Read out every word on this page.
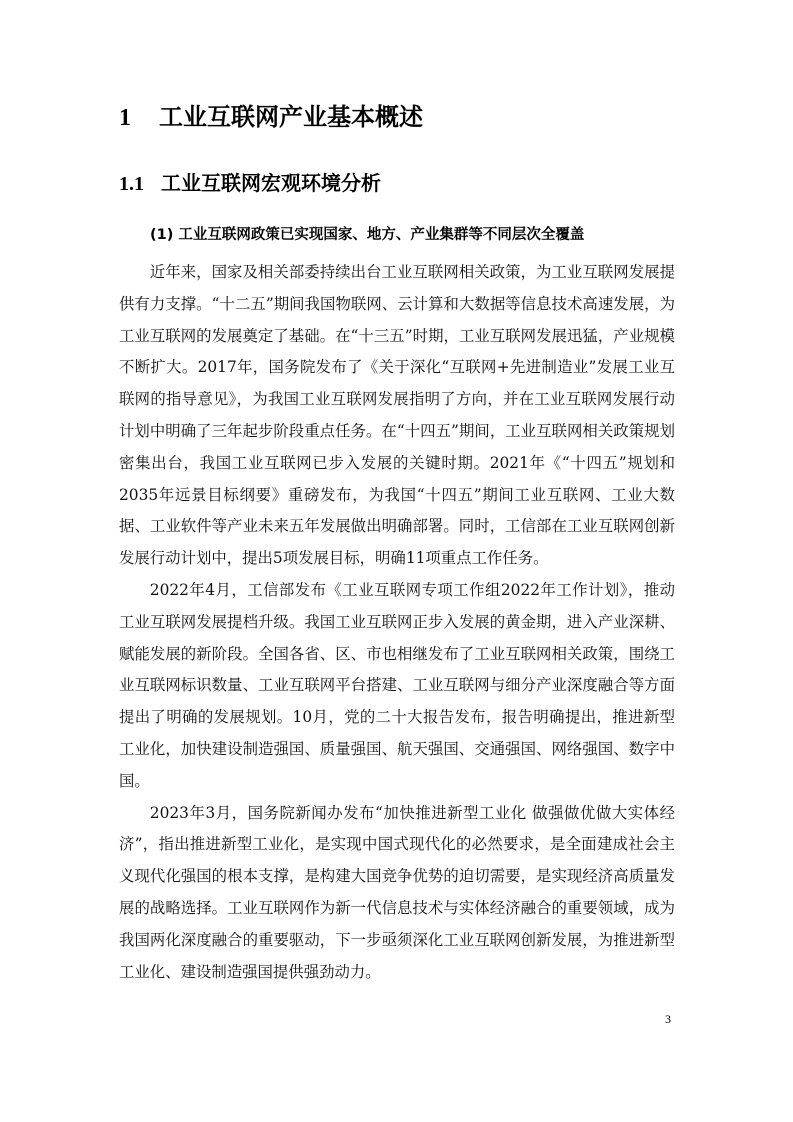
1 工业互联网产业基本概述
1.1 工业互联网宏观环境分析
(1) 工业互联网政策已实现国家、地方、产业集群等不同层次全覆盖

近年来，国家及相关部委持续出台工业互联网相关政策，为工业互联网发展提供有力支撑。“十二五”期间我国物联网、云计算和大数据等信息技术高速发展，为工业互联网的发展奠定了基础。在“十三五”时期，工业互联网发展迅猛，产业规模不断扩大。2017年，国务院发布了《关于深化“互联网+先进制造业”发展工业互联网的指导意见》，为我国工业互联网发展指明了方向，并在工业互联网发展行动计划中明确了三年起步阶段重点任务。在“十四五”期间，工业互联网相关政策规划密集出台，我国工业互联网已步入发展的关键时期。2021年《“十四五”规划和2035年远景目标纲要》重磅发布，为我国“十四五”期间工业互联网、工业大数据、工业软件等产业未来五年发展做出明确部署。同时，工信部在工业互联网创新发展行动计划中，提出5项发展目标，明确11项重点工作任务。

2022年4月，工信部发布《工业互联网专项工作组2022年工作计划》，推动工业互联网发展提档升级。我国工业互联网正步入发展的黄金期，进入产业深耕、赋能发展的新阶段。全国各省、区、市也相继发布了工业互联网相关政策，围绕工业互联网标识数量、工业互联网平台搭建、工业互联网与细分产业深度融合等方面提出了明确的发展规划。10月，党的二十大报告发布，报告明确提出，推进新型工业化，加快建设制造强国、质量强国、航天强国、交通强国、网络强国、数字中国。

2023年3月，国务院新闻办发布“加快推进新型工业化 做强做优做大实体经济”，指出推进新型工业化，是实现中国式现代化的必然要求，是全面建成社会主义现代化强国的根本支撑，是构建大国竞争优势的迫切需要，是实现经济高质量发展的战略选择。工业互联网作为新一代信息技术与实体经济融合的重要领域，成为我国两化深度融合的重要驱动，下一步亟须深化工业互联网创新发展，为推进新型工业化、建设制造强国提供强劲动力。

3
